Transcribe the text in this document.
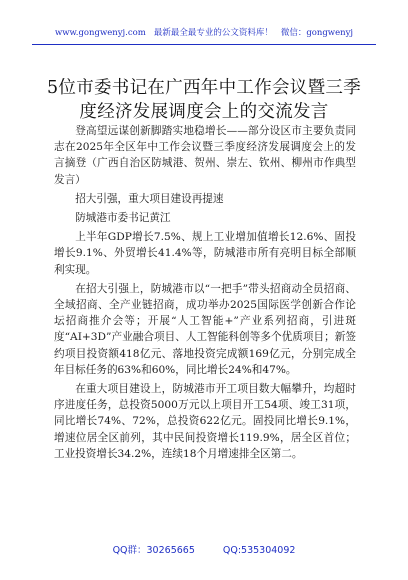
www.gongwenyj.com 最新最全最专业的公文资料库！ 微信：gongwenyj
5位市委书记在广西年中工作会议暨三季度经济发展调度会上的交流发言

登高望远谋创新脚踏实地稳增长——部分设区市主要负责同志在2025年全区年中工作会议暨三季度经济发展调度会上的发言摘登（广西自治区防城港、贺州、崇左、钦州、柳州市作典型发言）

招大引强，重大项目建设再提速

防城港市委书记黄江

上半年GDP增长7.5%、规上工业增加值增长12.6%、固投增长9.1%、外贸增长41.4%等，防城港市所有亮明目标全部顺利实现。

在招大引强上，防城港市以“一把手”带头招商动全员招商、全域招商、全产业链招商，成功举办2025国际医学创新合作论坛招商推介会等；开展“人工智能+”产业系列招商，引进斑度“AI+3D”产业融合项目、人工智能科创等多个优质项目；新签约项目投资额418亿元、落地投资完成额169亿元，分别完成全年目标任务的63%和60%，同比增长24%和47%。

在重大项目建设上，防城港市开工项目数大幅攀升，均超时序进度任务，总投资5000万元以上项目开工54项、竣工31项，同比增长74%、72%，总投资622亿元。固投同比增长9.1%，增速位居全区前列，其中民间投资增长119.9%，居全区首位；工业投资增长34.2%，连续18个月增速排全区第二。

QQ群：30265665	QQ:535304092
